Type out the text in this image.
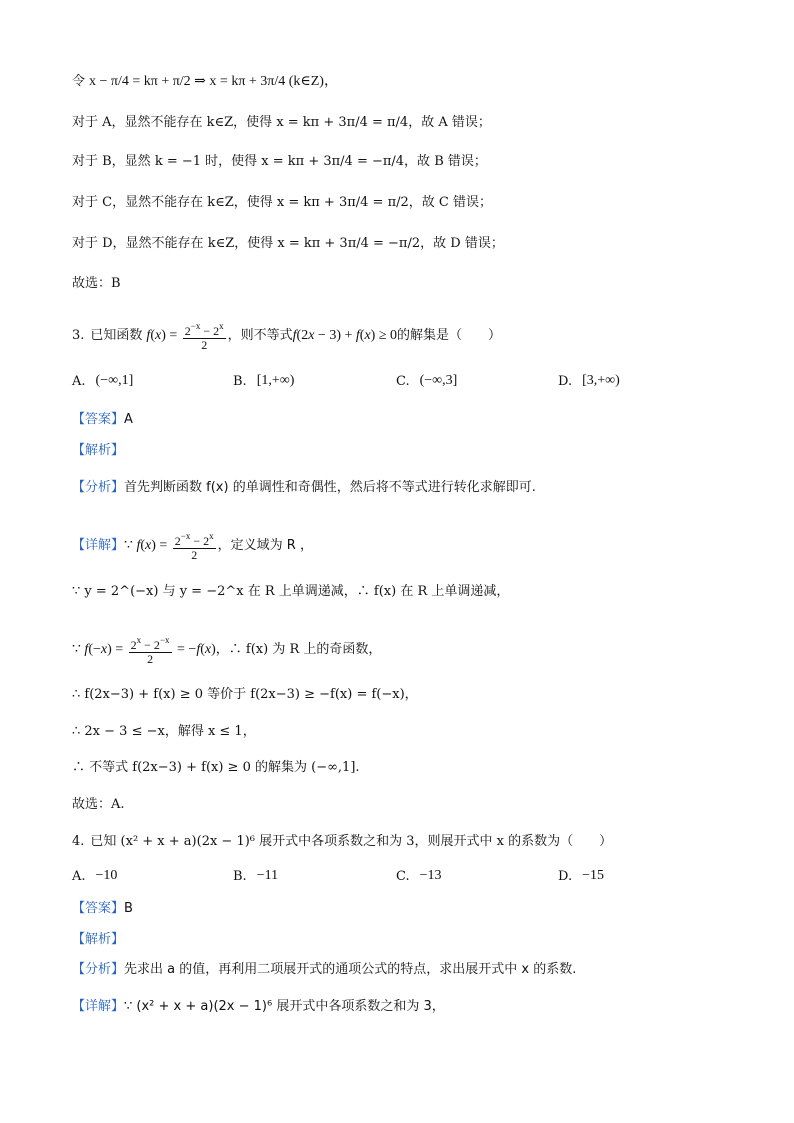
令 x − π/4 = kπ + π/2 ⇒ x = kπ + 3π/4 (k∈Z)，
对于 A，显然不能存在 k∈Z，使得 x = kπ + 3π/4 = π/4，故 A 错误；
对于 B，显然 k = −1 时，使得 x = kπ + 3π/4 = −π/4，故 B 错误；
对于 C，显然不能存在 k∈Z，使得 x = kπ + 3π/4 = π/2，故 C 错误；
对于 D，显然不能存在 k∈Z，使得 x = kπ + 3π/4 = −π/2，故 D 错误；
故选：B
3. 已知函数 $f(x) = \frac{2^{-x} - 2^x}{2}$ ，则不等式 f(2x − 3) + f(x) ≥ 0 的解集是（　　）
A. (−∞,1]	B. [1,+∞)	C. (−∞,3]	D. [3,+∞)
【答案】 A
【解析】
【分析】 首先判断函数 f(x) 的单调性和奇偶性，然后将不等式进行转化求解即可.
【详解】 ∵ $f(x) = \frac{2^{-x} - 2^x}{2}$ ，定义域为 R ，
∵ y = 2^(−x) 与 y = −2^x 在 R 上单调递减，∴ f(x) 在 R 上单调递减，
∵ $f(-x) = \frac{2^x - 2^{-x}}{2} = -f(x)$ ，∴ f(x) 为 R 上的奇函数，
∴ f(2x−3) + f(x) ≥ 0 等价于 f(2x−3) ≥ −f(x) = f(−x)，
∴ 2x − 3 ≤ −x，解得 x ≤ 1，
∴ 不等式 f(2x−3) + f(x) ≥ 0 的解集为 (−∞,1].
故选：A.
4. 已知 (x² + x + a)(2x − 1)⁶ 展开式中各项系数之和为 3，则展开式中 x 的系数为（　　）
A. −10	B. −11	C. −13	D. −15
【答案】 B
【解析】
【分析】 先求出 a 的值，再利用二项展开式的通项公式的特点，求出展开式中 x 的系数.
【详解】 ∵ (x² + x + a)(2x − 1)⁶ 展开式中各项系数之和为 3，
